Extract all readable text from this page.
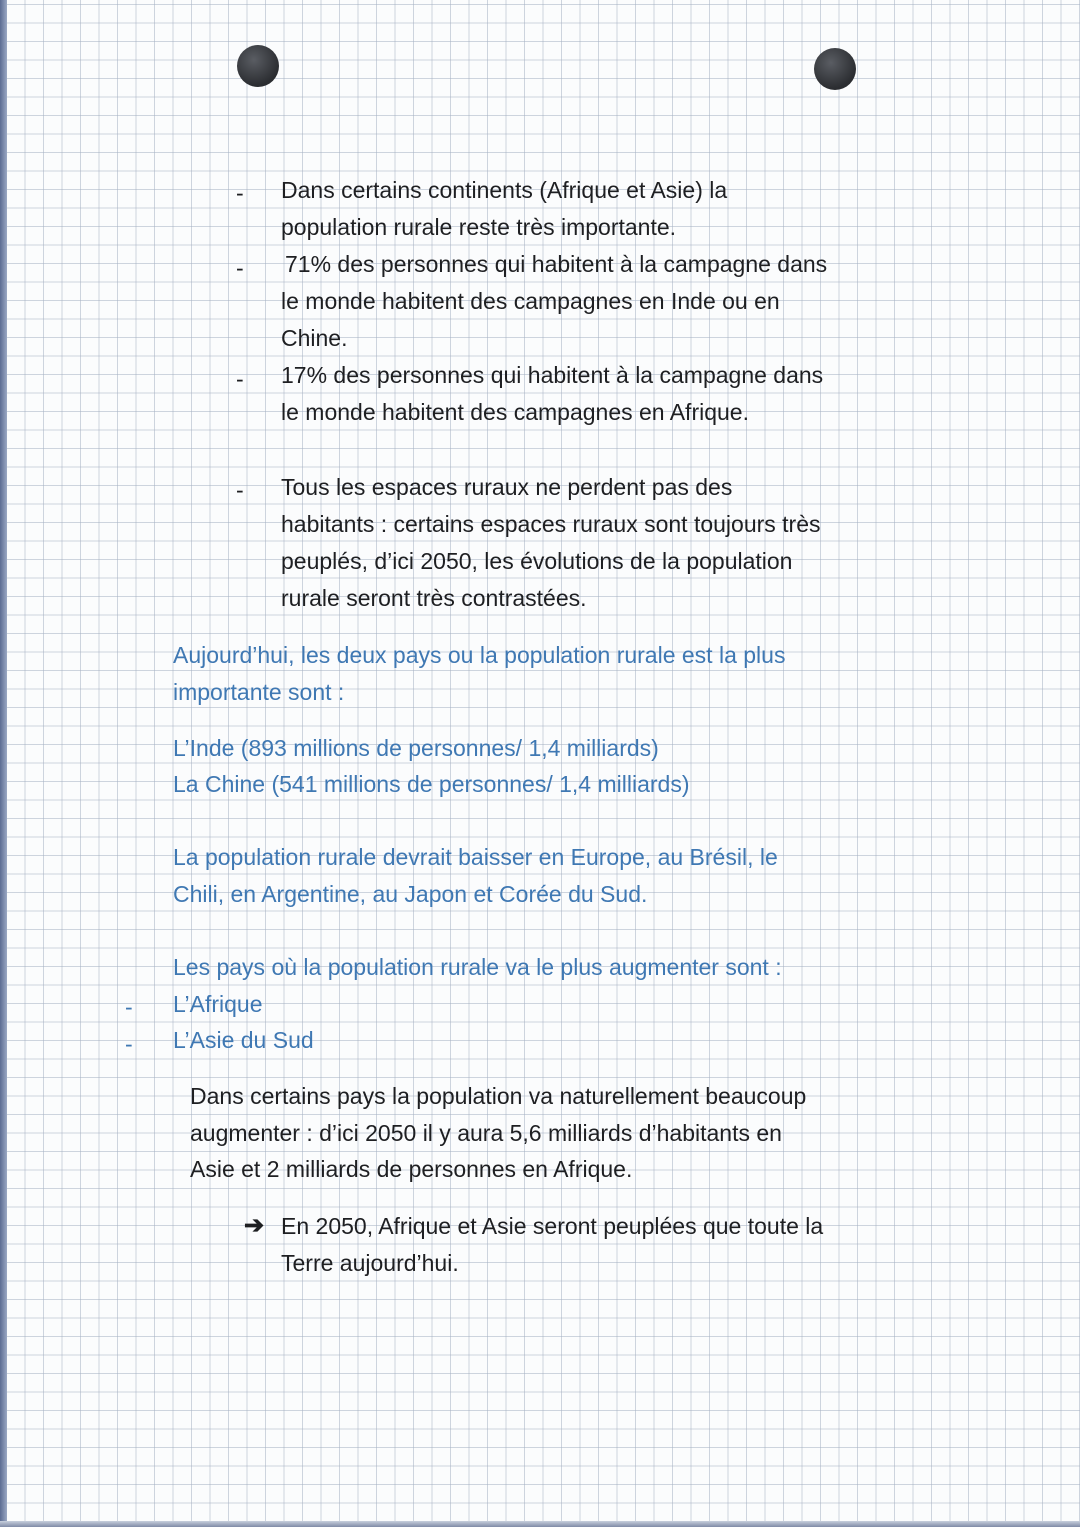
- Dans certains continents (Afrique et Asie) la
population rurale reste très importante.
- 71% des personnes qui habitent à la campagne dans
le monde habitent des campagnes en Inde ou en
Chine.
- 17% des personnes qui habitent à la campagne dans
le monde habitent des campagnes en Afrique.
- Tous les espaces ruraux ne perdent pas des
habitants : certains espaces ruraux sont toujours très
peuplés, d’ici 2050, les évolutions de la population
rurale seront très contrastées.
Aujourd’hui, les deux pays ou la population rurale est la plus
importante sont :
L’Inde (893 millions de personnes/ 1,4 milliards)
La Chine (541 millions de personnes/ 1,4 milliards)
La population rurale devrait baisser en Europe, au Brésil, le
Chili, en Argentine, au Japon et Corée du Sud.
Les pays où la population rurale va le plus augmenter sont :
- L’Afrique
- L’Asie du Sud
Dans certains pays la population va naturellement beaucoup
augmenter : d’ici 2050 il y aura 5,6 milliards d’habitants en
Asie et 2 milliards de personnes en Afrique.
➔ En 2050, Afrique et Asie seront peuplées que toute la
Terre aujourd’hui.
